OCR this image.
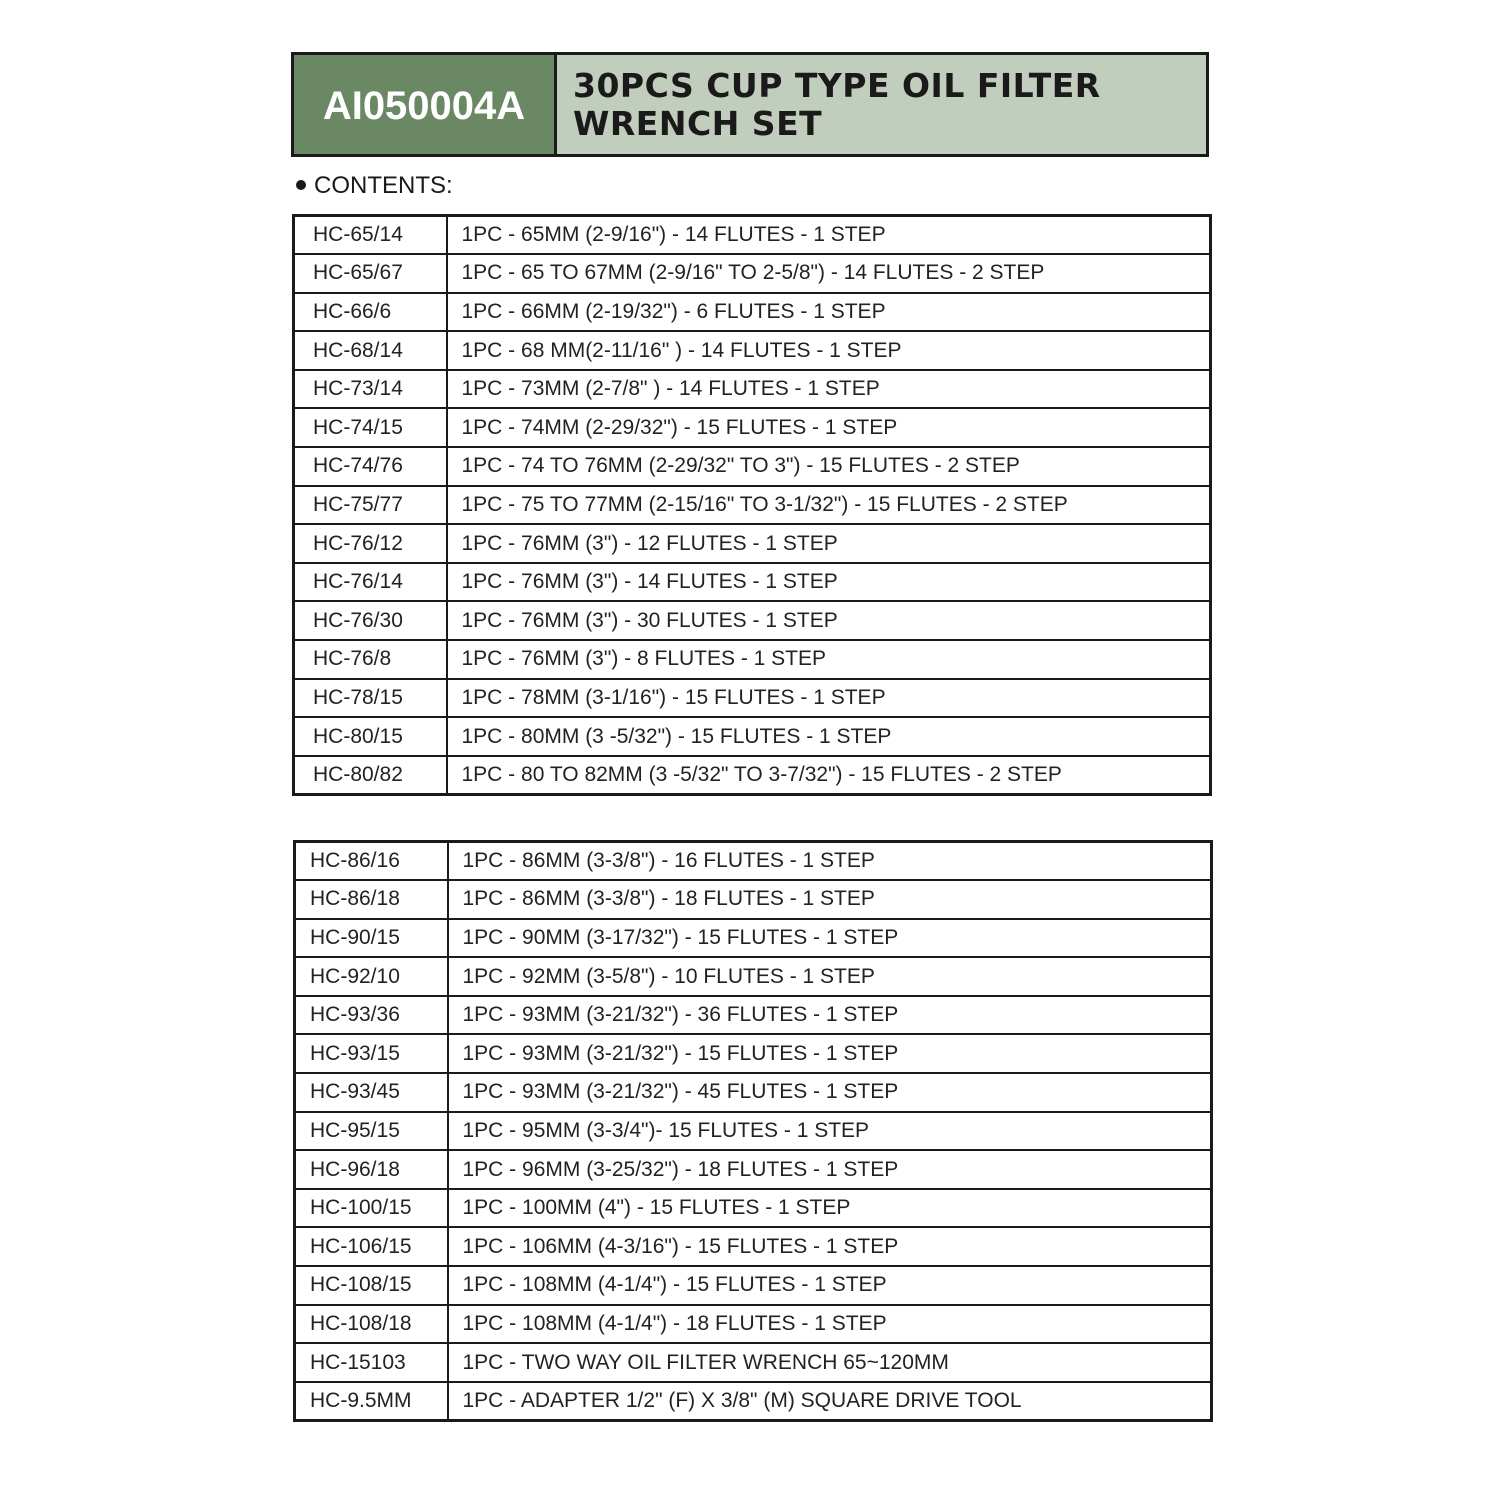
AI050004A	30PCS CUP TYPE OIL FILTER WRENCH SET
CONTENTS:
HC-65/14	1PC - 65MM (2-9/16") - 14 FLUTES - 1 STEP
HC-65/67	1PC - 65 TO 67MM (2-9/16" TO 2-5/8") - 14 FLUTES - 2 STEP
HC-66/6	1PC - 66MM (2-19/32") - 6 FLUTES - 1 STEP
HC-68/14	1PC - 68 MM(2-11/16" ) - 14 FLUTES - 1 STEP
HC-73/14	1PC - 73MM (2-7/8" ) - 14 FLUTES - 1 STEP
HC-74/15	1PC - 74MM (2-29/32") - 15 FLUTES - 1 STEP
HC-74/76	1PC - 74 TO 76MM (2-29/32" TO 3") - 15 FLUTES - 2 STEP
HC-75/77	1PC - 75 TO 77MM (2-15/16" TO 3-1/32") - 15 FLUTES - 2 STEP
HC-76/12	1PC - 76MM (3") - 12 FLUTES - 1 STEP
HC-76/14	1PC - 76MM (3") - 14 FLUTES - 1 STEP
HC-76/30	1PC - 76MM (3") - 30 FLUTES - 1 STEP
HC-76/8	1PC - 76MM (3") - 8 FLUTES - 1 STEP
HC-78/15	1PC - 78MM (3-1/16") - 15 FLUTES - 1 STEP
HC-80/15	1PC - 80MM (3 -5/32") - 15 FLUTES - 1 STEP
HC-80/82	1PC - 80 TO 82MM (3 -5/32" TO 3-7/32") - 15 FLUTES - 2 STEP
HC-86/16	1PC - 86MM (3-3/8") - 16 FLUTES - 1 STEP
HC-86/18	1PC - 86MM (3-3/8") - 18 FLUTES - 1 STEP
HC-90/15	1PC - 90MM (3-17/32") - 15 FLUTES - 1 STEP
HC-92/10	1PC - 92MM (3-5/8") - 10 FLUTES - 1 STEP
HC-93/36	1PC - 93MM (3-21/32") - 36 FLUTES - 1 STEP
HC-93/15	1PC - 93MM (3-21/32") - 15 FLUTES - 1 STEP
HC-93/45	1PC - 93MM (3-21/32") - 45 FLUTES - 1 STEP
HC-95/15	1PC - 95MM (3-3/4")- 15 FLUTES - 1 STEP
HC-96/18	1PC - 96MM (3-25/32") - 18 FLUTES - 1 STEP
HC-100/15	1PC - 100MM (4") - 15 FLUTES - 1 STEP
HC-106/15	1PC - 106MM (4-3/16") - 15 FLUTES - 1 STEP
HC-108/15	1PC - 108MM (4-1/4") - 15 FLUTES - 1 STEP
HC-108/18	1PC - 108MM (4-1/4") - 18 FLUTES - 1 STEP
HC-15103	1PC - TWO WAY OIL FILTER WRENCH 65~120MM
HC-9.5MM	1PC - ADAPTER 1/2" (F) X 3/8" (M) SQUARE DRIVE TOOL
